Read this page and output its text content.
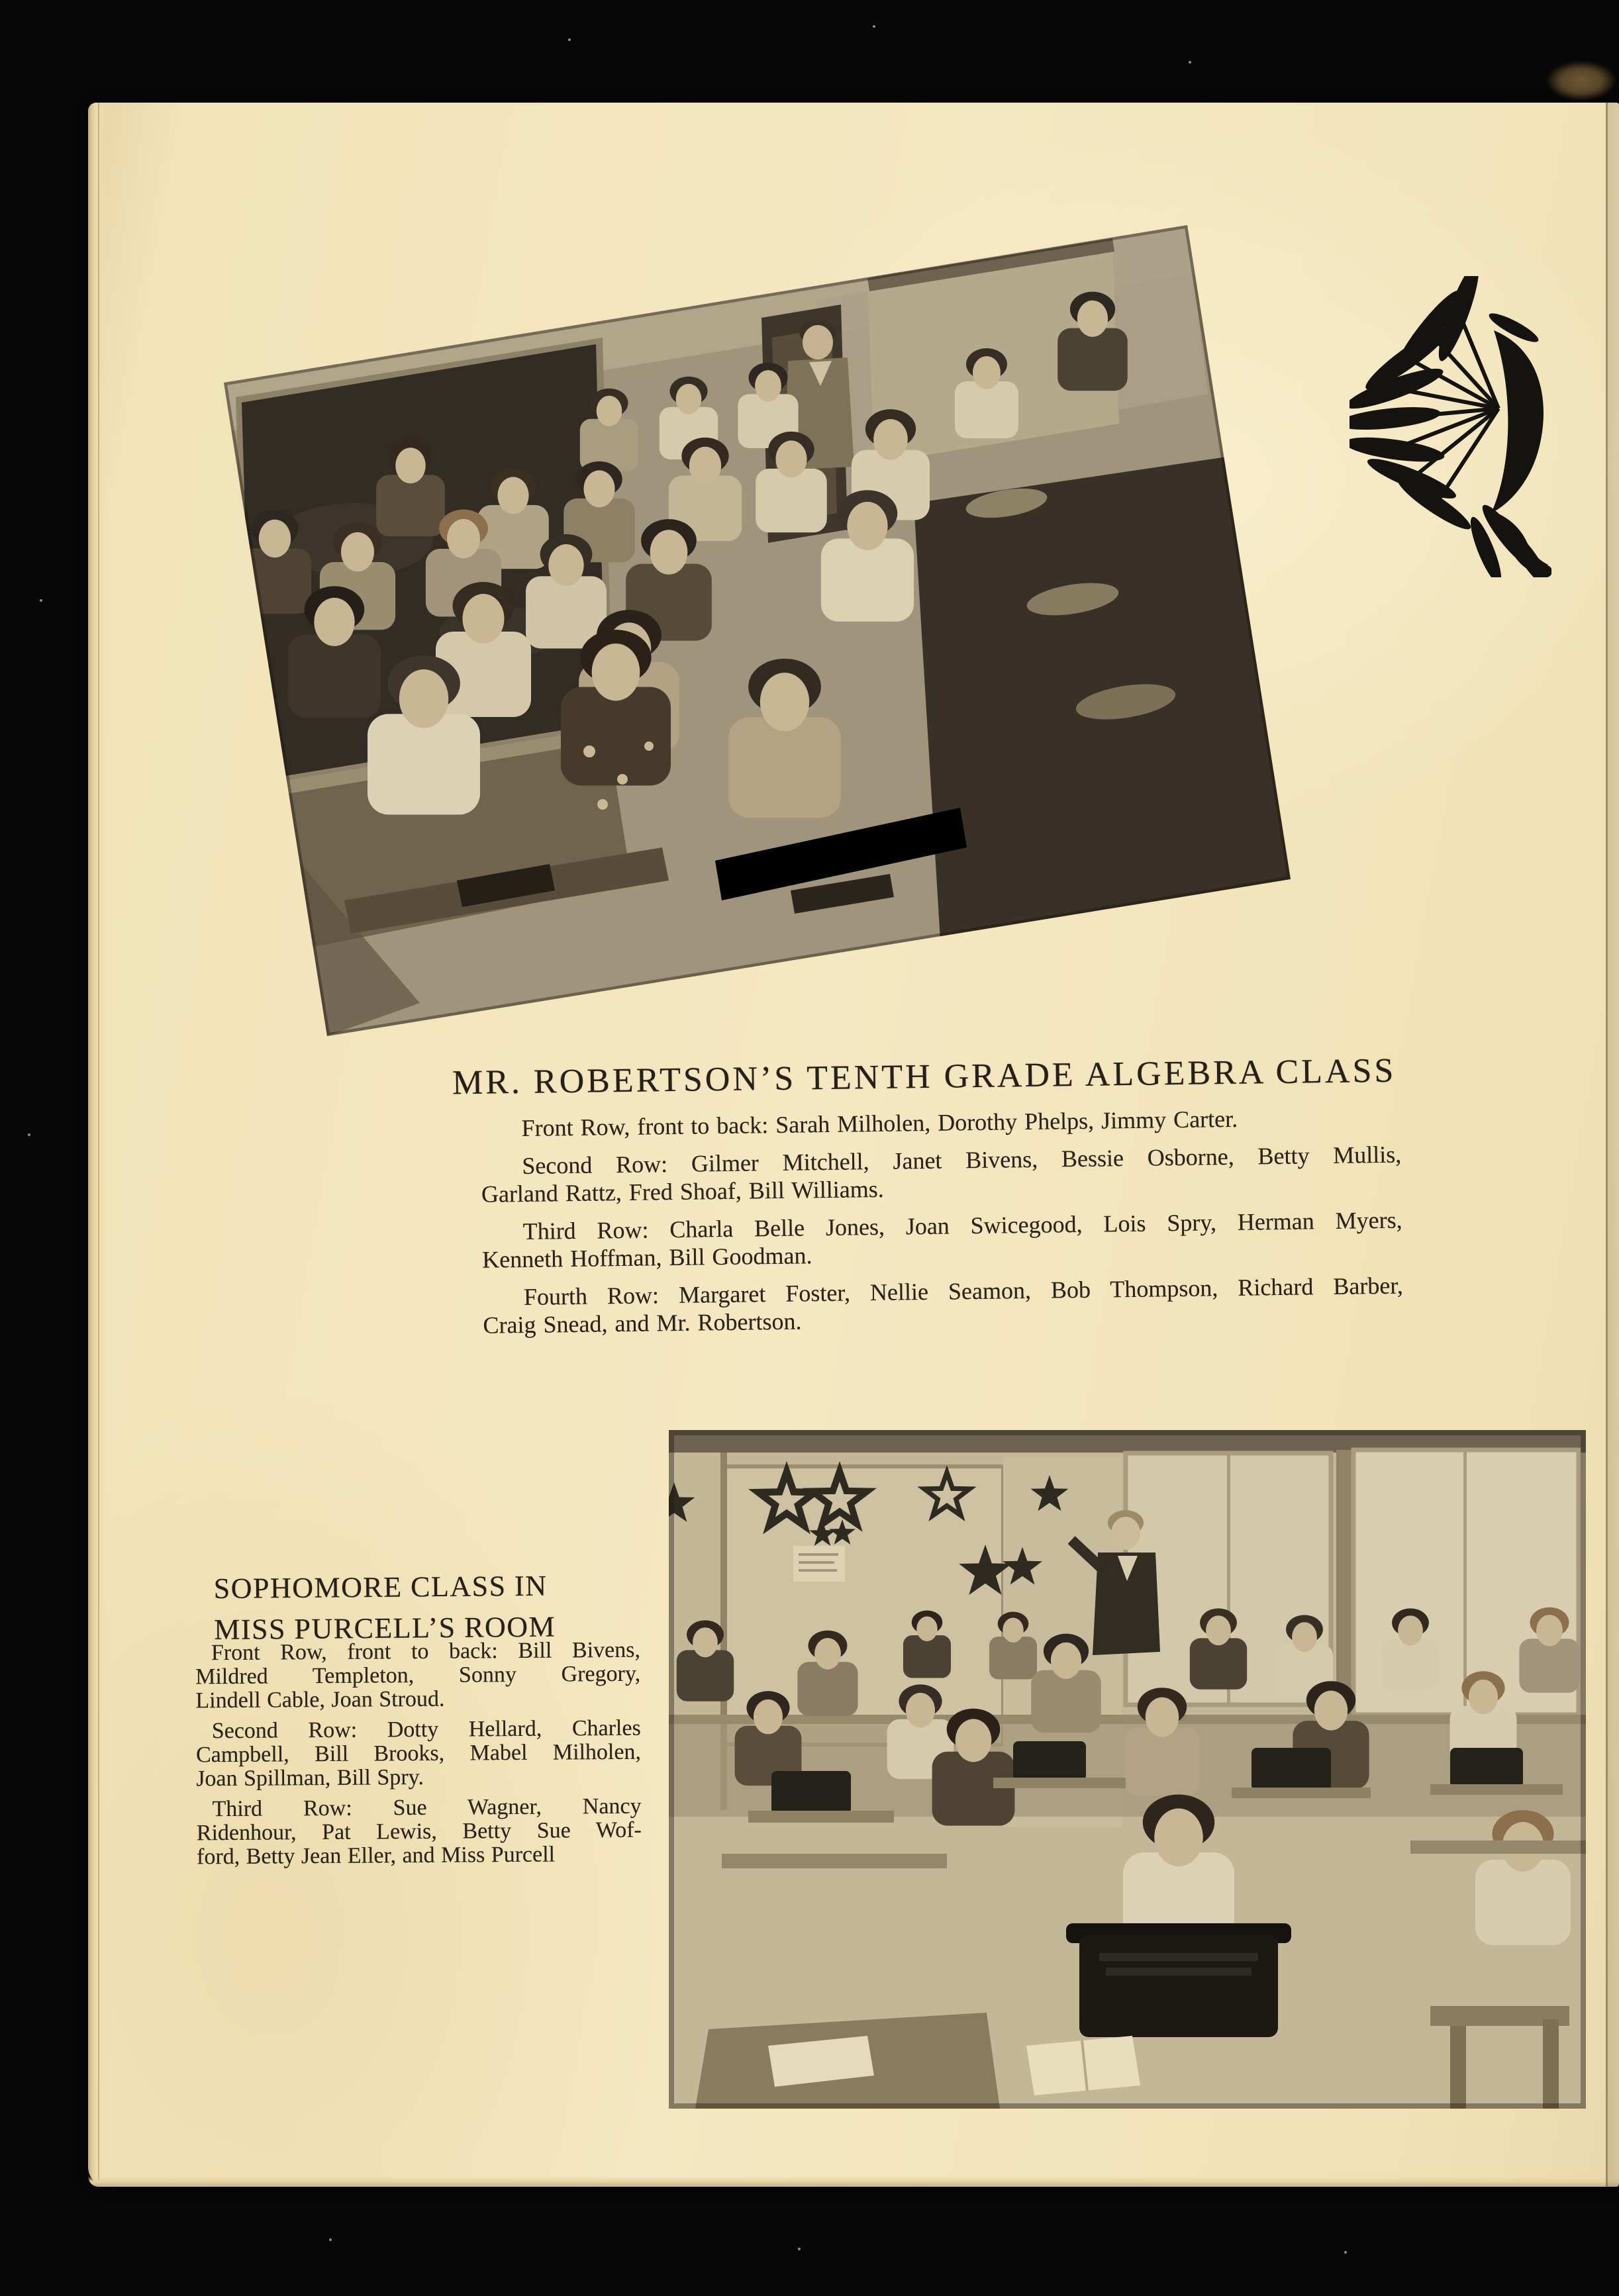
MR. ROBERTSON’S TENTH GRADE ALGEBRA CLASS
Front Row, front to back: Sarah Milholen, Dorothy Phelps, Jimmy Carter.
Second Row: Gilmer Mitchell, Janet Bivens, Bessie Osborne, Betty Mullis,
Garland Rattz, Fred Shoaf, Bill Williams.
Third Row: Charla Belle Jones, Joan Swicegood, Lois Spry, Herman Myers,
Kenneth Hoffman, Bill Goodman.
Fourth Row: Margaret Foster, Nellie Seamon, Bob Thompson, Richard Barber,
Craig Snead, and Mr. Robertson.
SOPHOMORE CLASS IN
MISS PURCELL’S ROOM
Front Row, front to back: Bill Bivens,
Mildred Templeton, Sonny Gregory,
Lindell Cable, Joan Stroud.
Second Row: Dotty Hellard, Charles
Campbell, Bill Brooks, Mabel Milholen,
Joan Spillman, Bill Spry.
Third Row: Sue Wagner, Nancy
Ridenhour, Pat Lewis, Betty Sue Wof-
ford, Betty Jean Eller, and Miss Purcell
